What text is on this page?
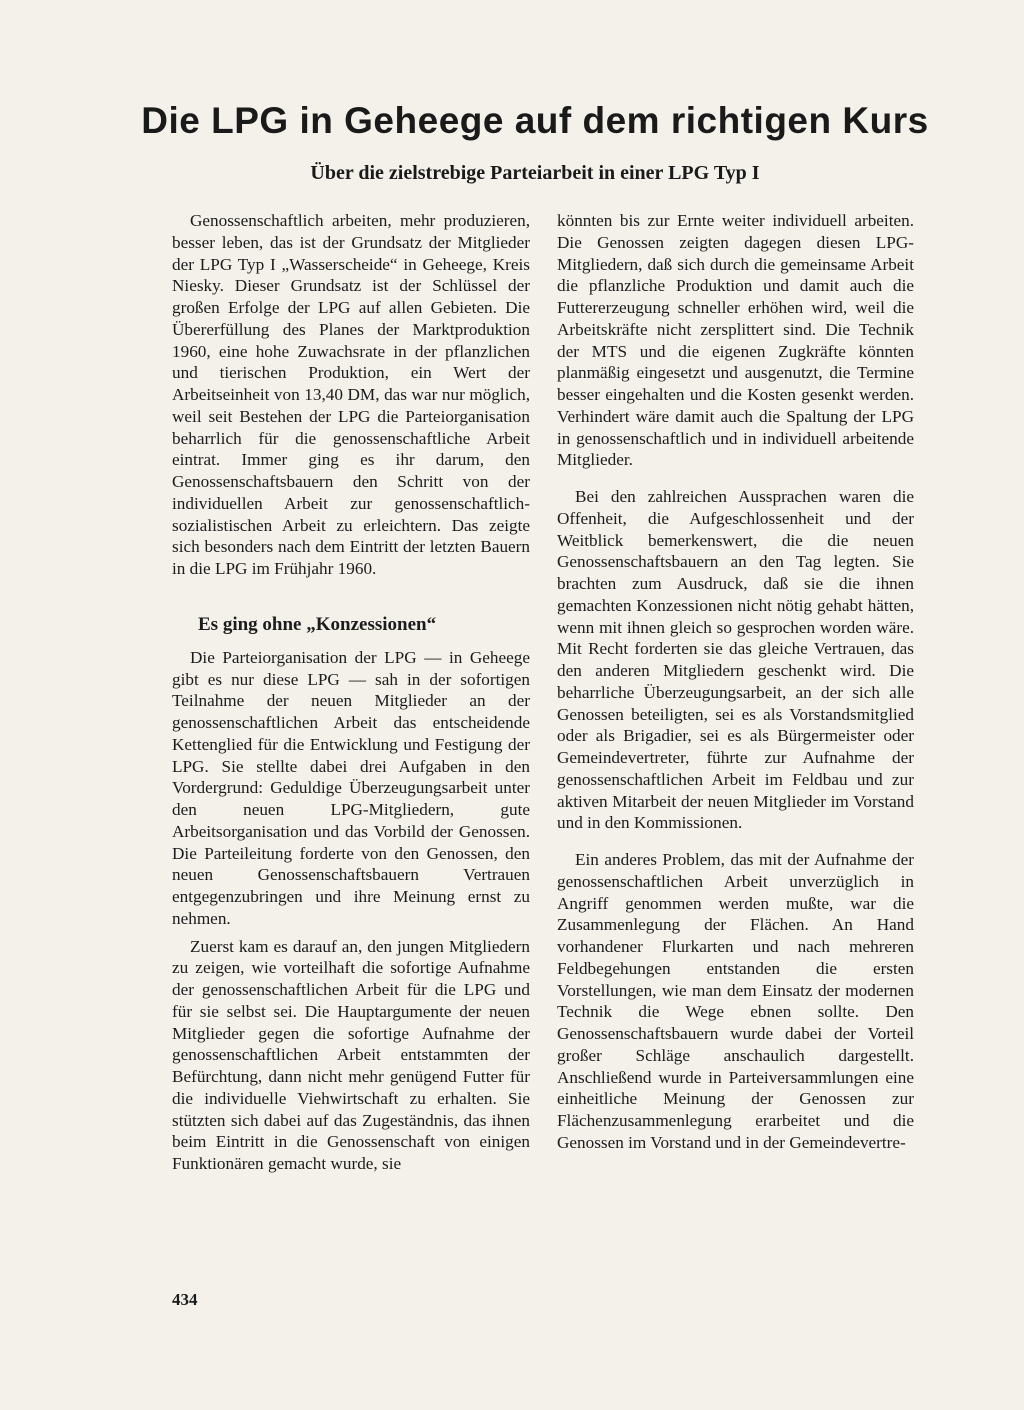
Die LPG in Geheege auf dem richtigen Kurs
Über die zielstrebige Parteiarbeit in einer LPG Typ I

Genossenschaftlich arbeiten, mehr produzieren, besser leben, das ist der Grundsatz der Mitglieder der LPG Typ I „Wasserscheide“ in Geheege, Kreis Niesky. Dieser Grundsatz ist der Schlüssel der großen Erfolge der LPG auf allen Gebieten. Die Übererfüllung des Planes der Marktproduktion 1960, eine hohe Zuwachsrate in der pflanzlichen und tierischen Produktion, ein Wert der Arbeitseinheit von 13,40 DM, das war nur möglich, weil seit Bestehen der LPG die Parteiorganisation beharrlich für die genossenschaftliche Arbeit eintrat. Immer ging es ihr darum, den Genossenschaftsbauern den Schritt von der individuellen Arbeit zur genossenschaftlich-sozialistischen Arbeit zu erleichtern. Das zeigte sich besonders nach dem Eintritt der letzten Bauern in die LPG im Frühjahr 1960.

Es ging ohne „Konzessionen“

Die Parteiorganisation der LPG — in Geheege gibt es nur diese LPG — sah in der sofortigen Teilnahme der neuen Mitglieder an der genossenschaftlichen Arbeit das entscheidende Kettenglied für die Entwicklung und Festigung der LPG. Sie stellte dabei drei Aufgaben in den Vordergrund: Geduldige Überzeugungsarbeit unter den neuen LPG-Mitgliedern, gute Arbeitsorganisation und das Vorbild der Genossen. Die Parteileitung forderte von den Genossen, den neuen Genossenschaftsbauern Vertrauen entgegenzubringen und ihre Meinung ernst zu nehmen.

Zuerst kam es darauf an, den jungen Mitgliedern zu zeigen, wie vorteilhaft die sofortige Aufnahme der genossenschaftlichen Arbeit für die LPG und für sie selbst sei. Die Hauptargumente der neuen Mitglieder gegen die sofortige Aufnahme der genossenschaftlichen Arbeit entstammten der Befürchtung, dann nicht mehr genügend Futter für die individuelle Viehwirtschaft zu erhalten. Sie stützten sich dabei auf das Zugeständnis, das ihnen beim Eintritt in die Genossenschaft von einigen Funktionären gemacht wurde, sie

könnten bis zur Ernte weiter individuell arbeiten. Die Genossen zeigten dagegen diesen LPG-Mitgliedern, daß sich durch die gemeinsame Arbeit die pflanzliche Produktion und damit auch die Futtererzeugung schneller erhöhen wird, weil die Arbeitskräfte nicht zersplittert sind. Die Technik der MTS und die eigenen Zugkräfte könnten planmäßig eingesetzt und ausgenutzt, die Termine besser eingehalten und die Kosten gesenkt werden. Verhindert wäre damit auch die Spaltung der LPG in genossenschaftlich und in individuell arbeitende Mitglieder.

Bei den zahlreichen Aussprachen waren die Offenheit, die Aufgeschlossenheit und der Weitblick bemerkenswert, die die neuen Genossenschaftsbauern an den Tag legten. Sie brachten zum Ausdruck, daß sie die ihnen gemachten Konzessionen nicht nötig gehabt hätten, wenn mit ihnen gleich so gesprochen worden wäre. Mit Recht forderten sie das gleiche Vertrauen, das den anderen Mitgliedern geschenkt wird. Die beharrliche Überzeugungsarbeit, an der sich alle Genossen beteiligten, sei es als Vorstandsmitglied oder als Brigadier, sei es als Bürgermeister oder Gemeindevertreter, führte zur Aufnahme der genossenschaftlichen Arbeit im Feldbau und zur aktiven Mitarbeit der neuen Mitglieder im Vorstand und in den Kommissionen.

Ein anderes Problem, das mit der Aufnahme der genossenschaftlichen Arbeit unverzüglich in Angriff genommen werden mußte, war die Zusammenlegung der Flächen. An Hand vorhandener Flurkarten und nach mehreren Feldbegehungen entstanden die ersten Vorstellungen, wie man dem Einsatz der modernen Technik die Wege ebnen sollte. Den Genossenschaftsbauern wurde dabei der Vorteil großer Schläge anschaulich dargestellt. Anschließend wurde in Parteiversammlungen eine einheitliche Meinung der Genossen zur Flächenzusammenlegung erarbeitet und die Genossen im Vorstand und in der Gemeindevertre-

434
